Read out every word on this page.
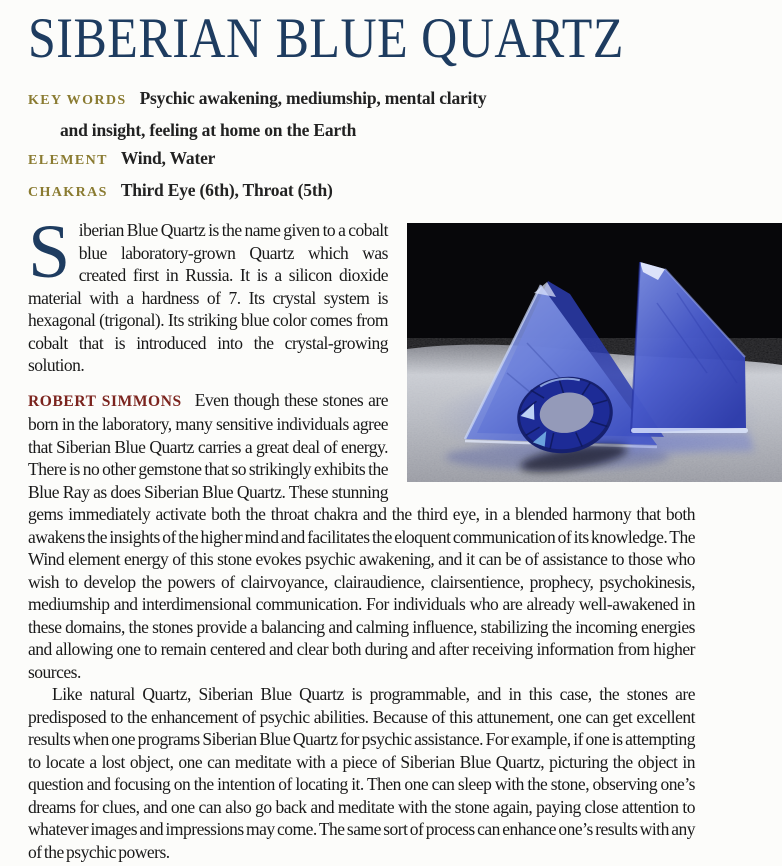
SIBERIAN BLUE QUARTZ

KEY WORDS Psychic awakening, mediumship, mental clarity and insight, feeling at home on the Earth

ELEMENT Wind, Water

CHAKRAS Third Eye (6th), Throat (5th)

Siberian Blue Quartz is the name given to a cobalt blue laboratory-grown Quartz which was created first in Russia. It is a silicon dioxide material with a hardness of 7. Its crystal system is hexagonal (trigonal). Its striking blue color comes from cobalt that is introduced into the crystal-growing solution.

ROBERT SIMMONS Even though these stones are born in the laboratory, many sensitive individuals agree that Siberian Blue Quartz carries a great deal of energy. There is no other gemstone that so strikingly exhibits the Blue Ray as does Siberian Blue Quartz. These stunning gems immediately activate both the throat chakra and the third eye, in a blended harmony that both awakens the insights of the higher mind and facilitates the eloquent communication of its knowledge. The Wind element energy of this stone evokes psychic awakening, and it can be of assistance to those who wish to develop the powers of clairvoyance, clairaudience, clairsentience, prophecy, psychokinesis, mediumship and interdimensional communication. For individuals who are already well-awakened in these domains, the stones provide a balancing and calming influence, stabilizing the incoming energies and allowing one to remain centered and clear both during and after receiving information from higher sources.

Like natural Quartz, Siberian Blue Quartz is programmable, and in this case, the stones are predisposed to the enhancement of psychic abilities. Because of this attunement, one can get excellent results when one programs Siberian Blue Quartz for psychic assistance. For example, if one is attempting to locate a lost object, one can meditate with a piece of Siberian Blue Quartz, picturing the object in question and focusing on the intention of locating it. Then one can sleep with the stone, observing one’s dreams for clues, and one can also go back and meditate with the stone again, paying close attention to whatever images and impressions may come. The same sort of process can enhance one’s results with any of the psychic powers.
